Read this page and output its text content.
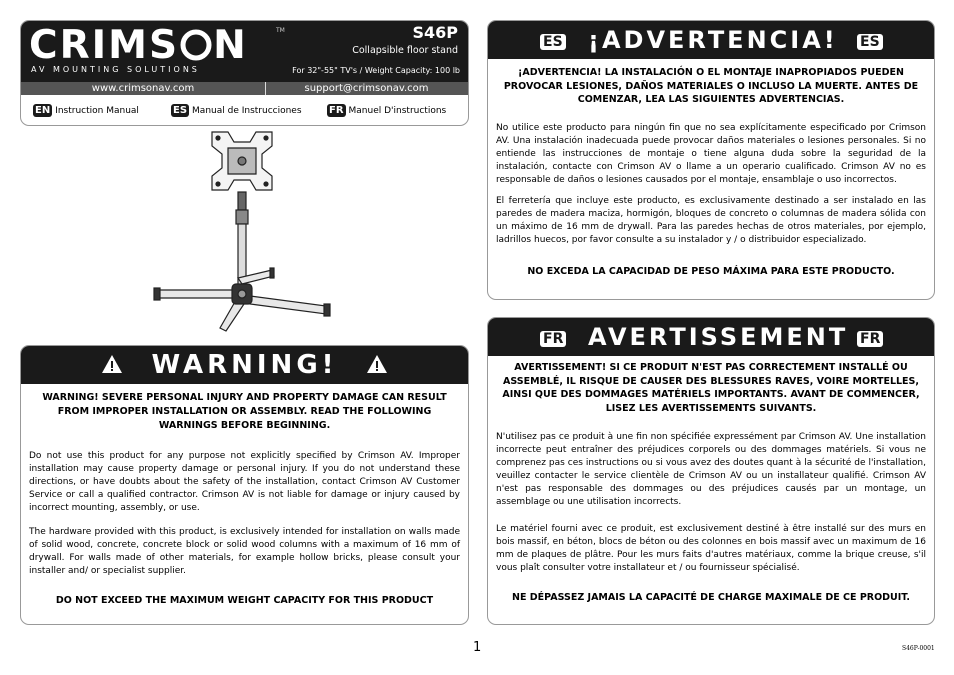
CRIMS N	TM
AV MOUNTING SOLUTIONS
S46P
Collapsible floor stand
For 32"-55" TV's / Weight Capacity: 100 lb
www.crimsonav.com	support@crimsonav.com
EN Instruction Manual	ES Manual de Instrucciones	FR Manuel D'instructions
WARNING!
WARNING! SEVERE PERSONAL INJURY AND PROPERTY DAMAGE CAN RESULT FROM IMPROPER INSTALLATION OR ASSEMBLY. READ THE FOLLOWING WARNINGS BEFORE BEGINNING.
Do not use this product for any purpose not explicitly specified by Crimson AV. Improper installation may cause property damage or personal injury. If you do not understand these directions, or have doubts about the safety of the installation, contact Crimson AV Customer Service or call a qualified contractor. Crimson AV is not liable for damage or injury caused by incorrect mounting, assembly, or use.
The hardware provided with this product, is exclusively intended for installation on walls made of solid wood, concrete, concrete block or solid wood columns with a maximum of 16 mm of drywall. For walls made of other materials, for example hollow bricks, please consult your installer and/ or specialist supplier.
DO NOT EXCEED THE MAXIMUM WEIGHT CAPACITY FOR THIS PRODUCT
ES ¡ADVERTENCIA! ES
¡ADVERTENCIA! LA INSTALACIÓN O EL MONTAJE INAPROPIADOS PUEDEN PROVOCAR LESIONES, DAÑOS MATERIALES O INCLUSO LA MUERTE. ANTES DE COMENZAR, LEA LAS SIGUIENTES ADVERTENCIAS.
No utilice este producto para ningún fin que no sea explícitamente especificado por Crimson AV. Una instalación inadecuada puede provocar daños materiales o lesiones personales. Si no entiende las instrucciones de montaje o tiene alguna duda sobre la seguridad de la instalación, contacte con Crimson AV o llame a un operario cualificado. Crimson AV no es responsable de daños o lesiones causados por el montaje, ensamblaje o uso incorrectos.
El ferretería que incluye este producto, es exclusivamente destinado a ser instalado en las paredes de madera maciza, hormigón, bloques de concreto o columnas de madera sólida con un máximo de 16 mm de drywall. Para las paredes hechas de otros materiales, por ejemplo, ladrillos huecos, por favor consulte a su instalador y / o distribuidor especializado.
NO EXCEDA LA CAPACIDAD DE PESO MÁXIMA PARA ESTE PRODUCTO.
FR AVERTISSEMENT FR
AVERTISSEMENT! SI CE PRODUIT N'EST PAS CORRECTEMENT INSTALLÉ OU ASSEMBLÉ, IL RISQUE DE CAUSER DES BLESSURES RAVES, VOIRE MORTELLES, AINSI QUE DES DOMMAGES MATÉRIELS IMPORTANTS. AVANT DE COMMENCER, LISEZ LES AVERTISSEMENTS SUIVANTS.
N'utilisez pas ce produit à une fin non spécifiée expressément par Crimson AV. Une installation incorrecte peut entraîner des préjudices corporels ou des dommages matériels. Si vous ne comprenez pas ces instructions ou si vous avez des doutes quant à la sécurité de l'installation, veuillez contacter le service clientèle de Crimson AV ou un installateur qualifié. Crimson AV n'est pas responsable des dommages ou des préjudices causés par un montage, un assemblage ou une utilisation incorrects.
Le matériel fourni avec ce produit, est exclusivement destiné à être installé sur des murs en bois massif, en béton, blocs de béton ou des colonnes en bois massif avec un maximum de 16 mm de plaques de plâtre. Pour les murs faits d'autres matériaux, comme la brique creuse, s'il vous plaît consulter votre installateur et / ou fournisseur spécialisé.
NE DÉPASSEZ JAMAIS LA CAPACITÉ DE CHARGE MAXIMALE DE CE PRODUIT.
1	S46P-0001
